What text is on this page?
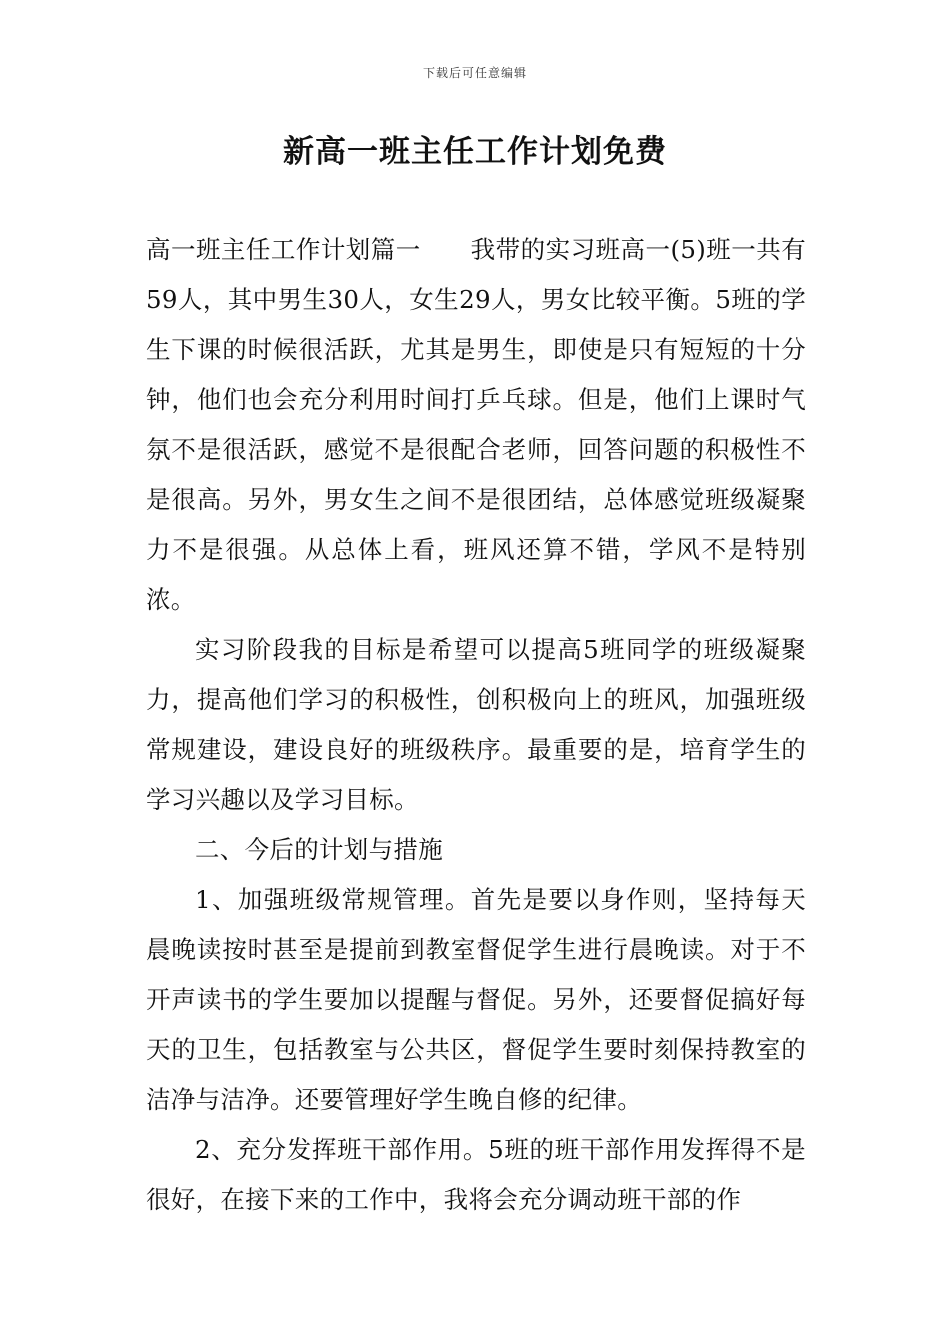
下载后可任意编辑
新高一班主任工作计划免费

高一班主任工作计划篇一　　我带的实习班高一(5)班一共有59人，其中男生30人，女生29人，男女比较平衡。5班的学生下课的时候很活跃，尤其是男生，即使是只有短短的十分钟，他们也会充分利用时间打乒乓球。但是，他们上课时气氛不是很活跃，感觉不是很配合老师，回答问题的积极性不是很高。另外，男女生之间不是很团结，总体感觉班级凝聚力不是很强。从总体上看，班风还算不错，学风不是特别浓。

实习阶段我的目标是希望可以提高5班同学的班级凝聚力，提高他们学习的积极性，创积极向上的班风，加强班级常规建设，建设良好的班级秩序。最重要的是，培育学生的学习兴趣以及学习目标。

二、今后的计划与措施

1、加强班级常规管理。首先是要以身作则，坚持每天晨晚读按时甚至是提前到教室督促学生进行晨晚读。对于不开声读书的学生要加以提醒与督促。另外，还要督促搞好每天的卫生，包括教室与公共区，督促学生要时刻保持教室的洁净与洁净。还要管理好学生晚自修的纪律。

2、充分发挥班干部作用。5班的班干部作用发挥得不是很好，在接下来的工作中，我将会充分调动班干部的作
